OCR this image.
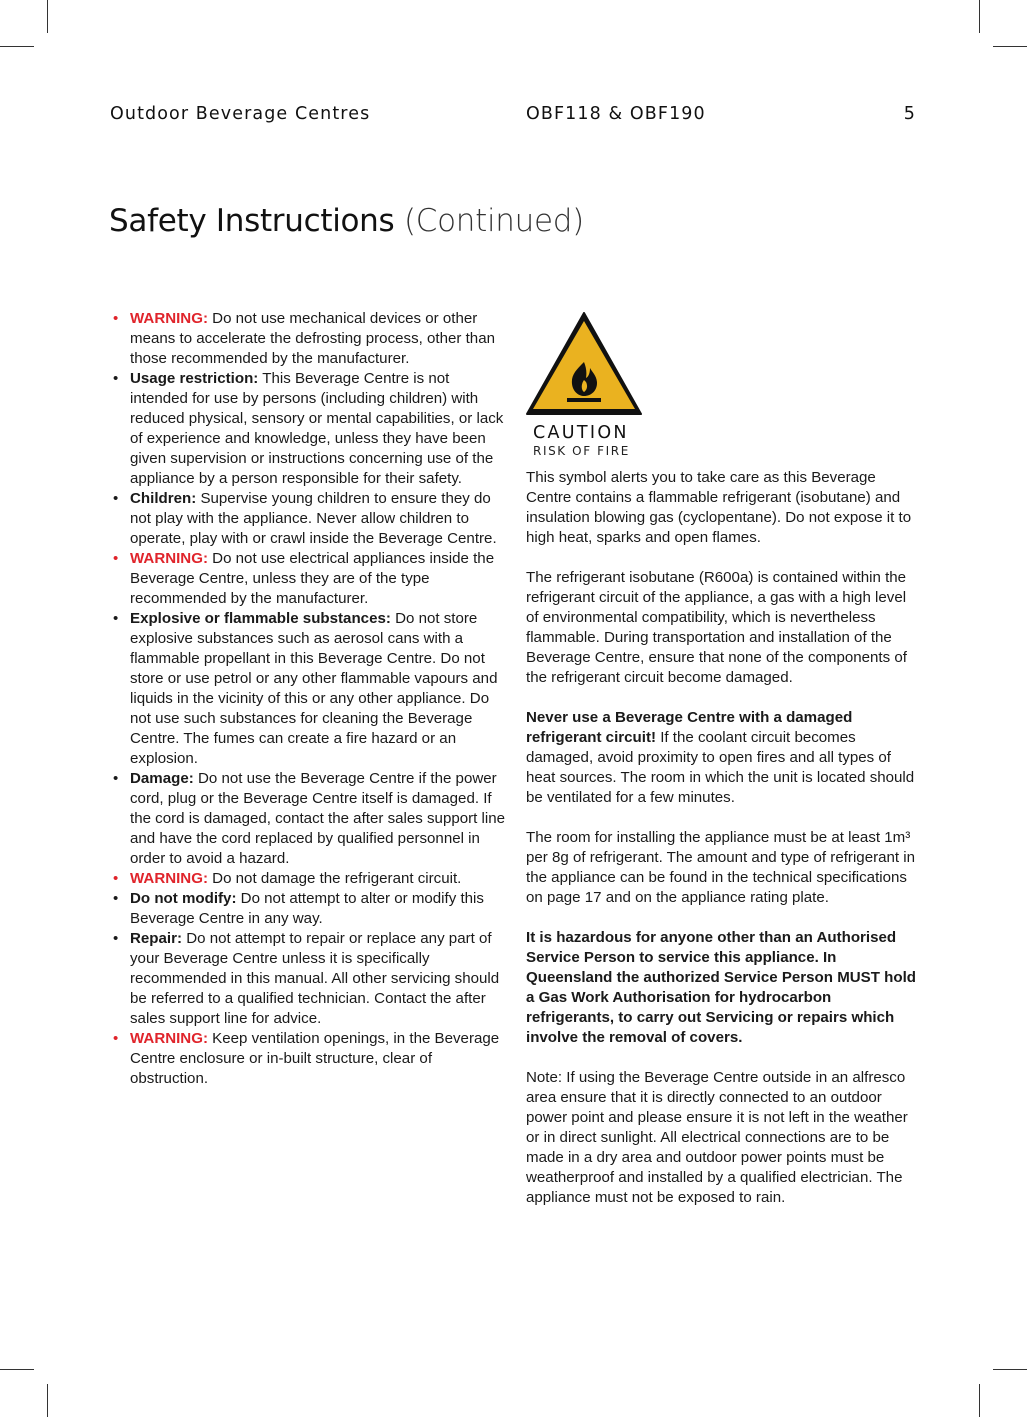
Outdoor Beverage Centres	OBF118 & OBF190	5
Safety Instructions (Continued)
• WARNING: Do not use mechanical devices or other means to accelerate the defrosting process, other than those recommended by the manufacturer.
• Usage restriction: This Beverage Centre is not intended for use by persons (including children) with reduced physical, sensory or mental capabilities, or lack of experience and knowledge, unless they have been given supervision or instructions concerning use of the appliance by a person responsible for their safety.
• Children: Supervise young children to ensure they do not play with the appliance. Never allow children to operate, play with or crawl inside the Beverage Centre.
• WARNING: Do not use electrical appliances inside the Beverage Centre, unless they are of the type recommended by the manufacturer.
• Explosive or flammable substances: Do not store explosive substances such as aerosol cans with a flammable propellant in this Beverage Centre. Do not store or use petrol or any other flammable vapours and liquids in the vicinity of this or any other appliance. Do not use such substances for cleaning the Beverage Centre. The fumes can create a fire hazard or an explosion.
• Damage: Do not use the Beverage Centre if the power cord, plug or the Beverage Centre itself is damaged. If the cord is damaged, contact the after sales support line and have the cord replaced by qualified personnel in order to avoid a hazard.
• WARNING: Do not damage the refrigerant circuit.
• Do not modify: Do not attempt to alter or modify this Beverage Centre in any way.
• Repair: Do not attempt to repair or replace any part of your Beverage Centre unless it is specifically recommended in this manual. All other servicing should be referred to a qualified technician. Contact the after sales support line for advice.
• WARNING: Keep ventilation openings, in the Beverage Centre enclosure or in-built structure, clear of obstruction.
CAUTION
RISK OF FIRE

This symbol alerts you to take care as this Beverage Centre contains a flammable refrigerant (isobutane) and insulation blowing gas (cyclopentane). Do not expose it to high heat, sparks and open flames.

The refrigerant isobutane (R600a) is contained within the refrigerant circuit of the appliance, a gas with a high level of environmental compatibility, which is nevertheless flammable. During transportation and installation of the Beverage Centre, ensure that none of the components of the refrigerant circuit become damaged.

Never use a Beverage Centre with a damaged refrigerant circuit! If the coolant circuit becomes damaged, avoid proximity to open fires and all types of heat sources. The room in which the unit is located should be ventilated for a few minutes.

The room for installing the appliance must be at least 1m³ per 8g of refrigerant. The amount and type of refrigerant in the appliance can be found in the technical specifications on page 17 and on the appliance rating plate.

It is hazardous for anyone other than an Authorised Service Person to service this appliance. In Queensland the authorized Service Person MUST hold a Gas Work Authorisation for hydrocarbon refrigerants, to carry out Servicing or repairs which involve the removal of covers.

Note: If using the Beverage Centre outside in an alfresco area ensure that it is directly connected to an outdoor power point and please ensure it is not left in the weather or in direct sunlight. All electrical connections are to be made in a dry area and outdoor power points must be weatherproof and installed by a qualified electrician. The appliance must not be exposed to rain.
